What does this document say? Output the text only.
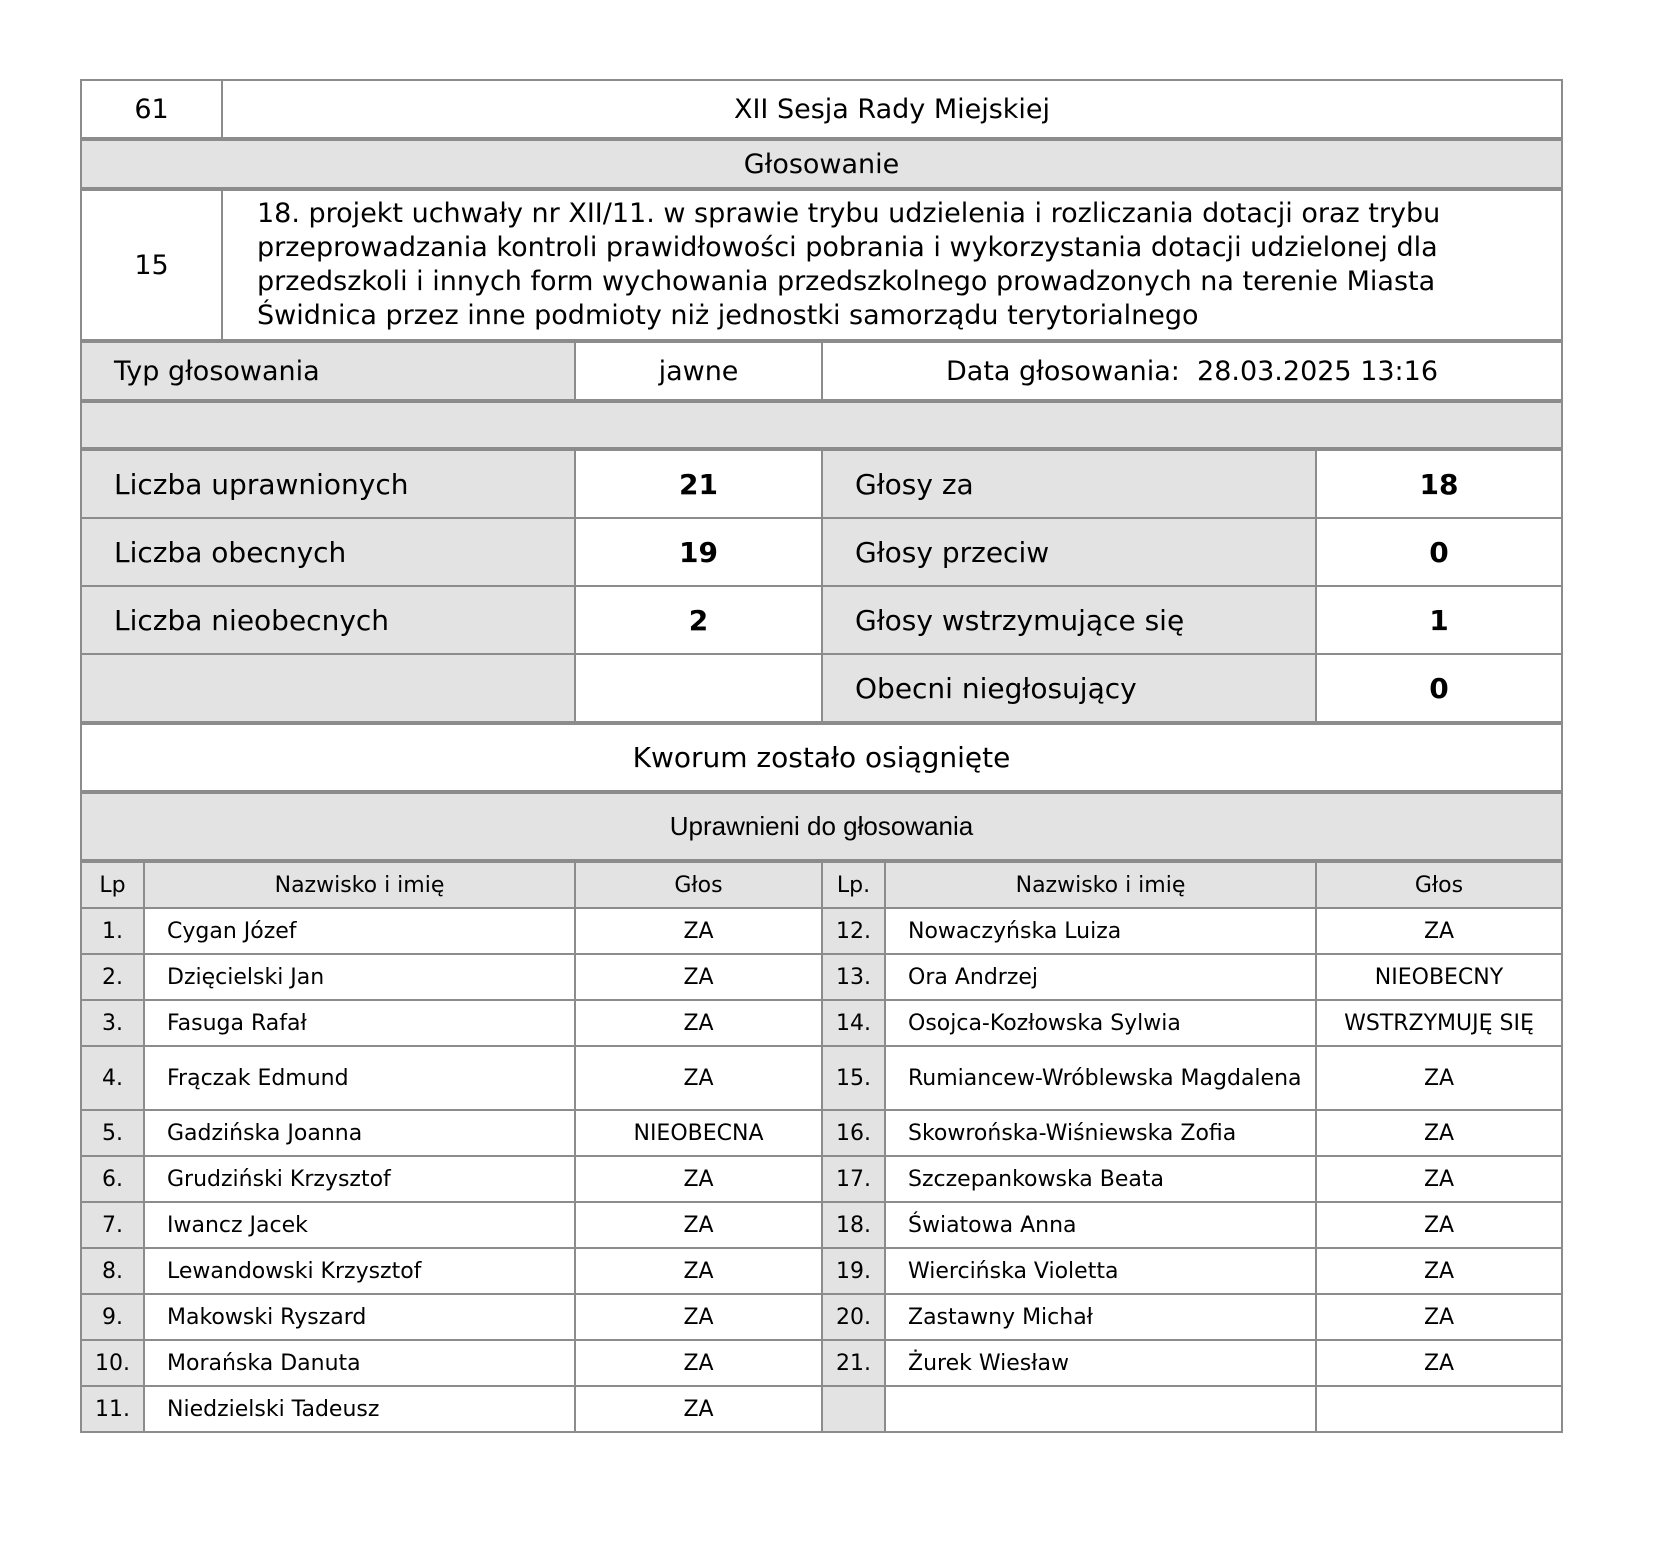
61	XII Sesja Rady Miejskiej
Głosowanie
15	18. projekt uchwały nr XII/11. w sprawie trybu udzielenia i rozliczania dotacji oraz trybu przeprowadzania kontroli prawidłowości pobrania i wykorzystania dotacji udzielonej dla przedszkoli i innych form wychowania przedszkolnego prowadzonych na terenie Miasta Świdnica przez inne podmioty niż jednostki samorządu terytorialnego
Typ głosowania	jawne	Data głosowania: 28.03.2025 13:16
Liczba uprawnionych	21	Głosy za	18
Liczba obecnych	19	Głosy przeciw	0
Liczba nieobecnych	2	Głosy wstrzymujące się	1
		Obecni niegłosujący	0
Kworum zostało osiągnięte
Uprawnieni do głosowania
Lp	Nazwisko i imię	Głos	Lp.	Nazwisko i imię	Głos
1.	Cygan Józef	ZA	12.	Nowaczyńska Luiza	ZA
2.	Dzięcielski Jan	ZA	13.	Ora Andrzej	NIEOBECNY
3.	Fasuga Rafał	ZA	14.	Osojca-Kozłowska Sylwia	WSTRZYMUJĘ SIĘ
4.	Frączak Edmund	ZA	15.	Rumiancew-Wróblewska Magdalena	ZA
5.	Gadzińska Joanna	NIEOBECNA	16.	Skowrońska-Wiśniewska Zofia	ZA
6.	Grudziński Krzysztof	ZA	17.	Szczepankowska Beata	ZA
7.	Iwancz Jacek	ZA	18.	Światowa Anna	ZA
8.	Lewandowski Krzysztof	ZA	19.	Wiercińska Violetta	ZA
9.	Makowski Ryszard	ZA	20.	Zastawny Michał	ZA
10.	Morańska Danuta	ZA	21.	Żurek Wiesław	ZA
11.	Niedzielski Tadeusz	ZA			
